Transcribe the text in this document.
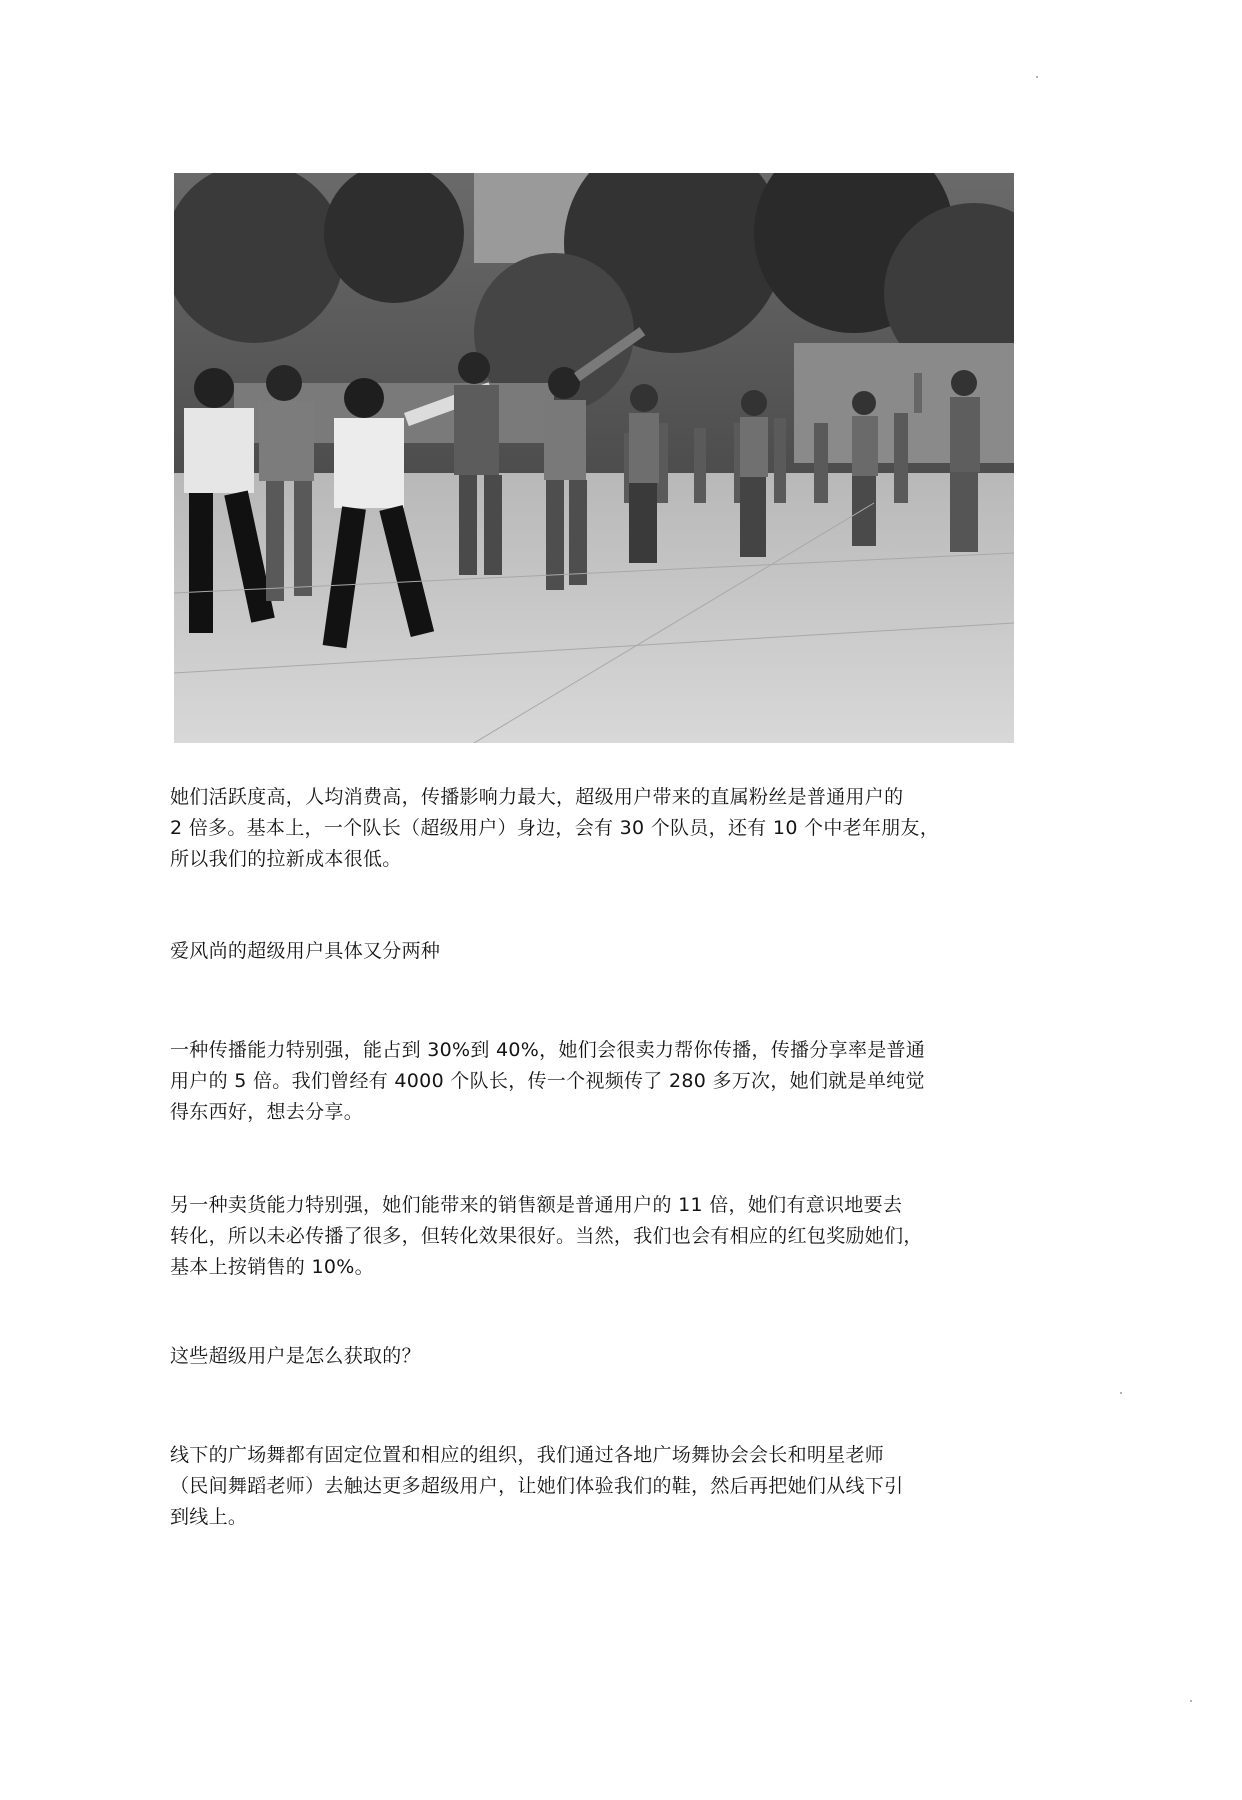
她们活跃度高，人均消费高，传播影响力最大，超级用户带来的直属粉丝是普通用户的
2 倍多。基本上，一个队长（超级用户）身边，会有 30 个队员，还有 10 个中老年朋友，
所以我们的拉新成本很低。
爱风尚的超级用户具体又分两种
一种传播能力特别强，能占到 30%到 40%，她们会很卖力帮你传播，传播分享率是普通
用户的 5 倍。我们曾经有 4000 个队长，传一个视频传了 280 多万次，她们就是单纯觉
得东西好，想去分享。
另一种卖货能力特别强，她们能带来的销售额是普通用户的 11 倍，她们有意识地要去
转化，所以未必传播了很多，但转化效果很好。当然，我们也会有相应的红包奖励她们，
基本上按销售的 10%。
这些超级用户是怎么获取的？
线下的广场舞都有固定位置和相应的组织，我们通过各地广场舞协会会长和明星老师
（民间舞蹈老师）去触达更多超级用户，让她们体验我们的鞋，然后再把她们从线下引
到线上。
